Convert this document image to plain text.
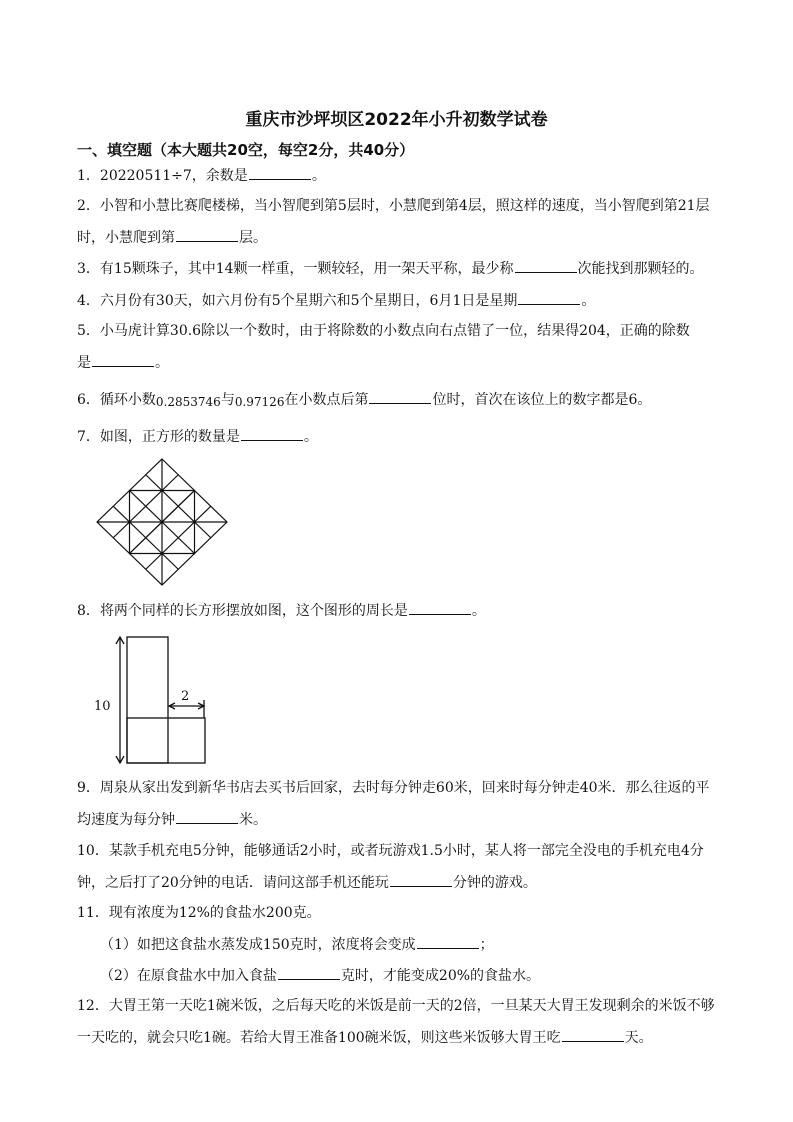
重庆市沙坪坝区2022年小升初数学试卷
一、填空题（本大题共20空，每空2分，共40分）
1．20220511÷7，余数是	。
2．小智和小慧比赛爬楼梯，当小智爬到第5层时，小慧爬到第4层，照这样的速度，当小智爬到第21层
时，小慧爬到第	层。
3．有15颗珠子，其中14颗一样重，一颗较轻，用一架天平称，最少称	次能找到那颗轻的。
4．六月份有30天，如六月份有5个星期六和5个星期日，6月1日是星期	。
5．小马虎计算30.6除以一个数时，由于将除数的小数点向右点错了一位，结果得204，正确的除数
是	。
6．循环小数0.2853746与0.97126在小数点后第	位时，首次在该位上的数字都是6。
7．如图，正方形的数量是	。
8．将两个同样的长方形摆放如图，这个图形的周长是	。
10
2
9．周泉从家出发到新华书店去买书后回家，去时每分钟走60米，回来时每分钟走40米．那么往返的平
均速度为每分钟	米。
10．某款手机充电5分钟，能够通话2小时，或者玩游戏1.5小时，某人将一部完全没电的手机充电4分
钟，之后打了20分钟的电话．请问这部手机还能玩	分钟的游戏。
11．现有浓度为12%的食盐水200克。
（1）如把这食盐水蒸发成150克时，浓度将会变成	；
（2）在原食盐水中加入食盐	克时，才能变成20%的食盐水。
12．大胃王第一天吃1碗米饭，之后每天吃的米饭是前一天的2倍，一旦某天大胃王发现剩余的米饭不够
一天吃的，就会只吃1碗。若给大胃王准备100碗米饭，则这些米饭够大胃王吃	天。
